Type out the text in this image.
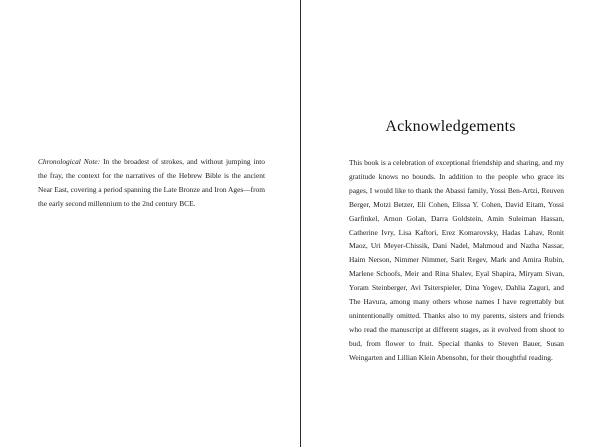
Chronological Note: In the broadest of strokes, and without jumping into the fray, the context for the narratives of the Hebrew Bible is the ancient Near East, covering a period spanning the Late Bronze and Iron Ages—from the early second millennium to the 2nd century BCE.

Acknowledgements

This book is a celebration of exceptional friendship and sharing, and my gratitude knows no bounds. In addition to the people who grace its pages, I would like to thank the Abassi family, Yossi Ben-Artzi, Reuven Berger, Motzi Betzer, Eli Cohen, Elissa Y. Cohen, David Eitam, Yossi Garfinkel, Arnon Golan, Darra Goldstein, Amin Suleiman Hassan, Catherine Ivry, Lisa Kaftori, Erez Komarovsky, Hadas Lahav, Ronit Maoz, Uri Meyer-Chissik, Dani Nadel, Mahmoud and Nazha Nassar, Haim Nerson, Nimmer Nimmer, Sarit Regev, Mark and Amira Rubin, Marlene Schoofs, Meir and Rina Shalev, Eyal Shapira, Miryam Sivan, Yoram Steinberger, Avi Tsiterspieler, Dina Yogev, Dahlia Zaguri, and The Havura, among many others whose names I have regrettably but unintentionally omitted. Thanks also to my parents, sisters and friends who read the manuscript at different stages, as it evolved from shoot to bud, from flower to fruit. Special thanks to Steven Bauer, Susan Weingarten and Lillian Klein Abensohn, for their thoughtful reading.
